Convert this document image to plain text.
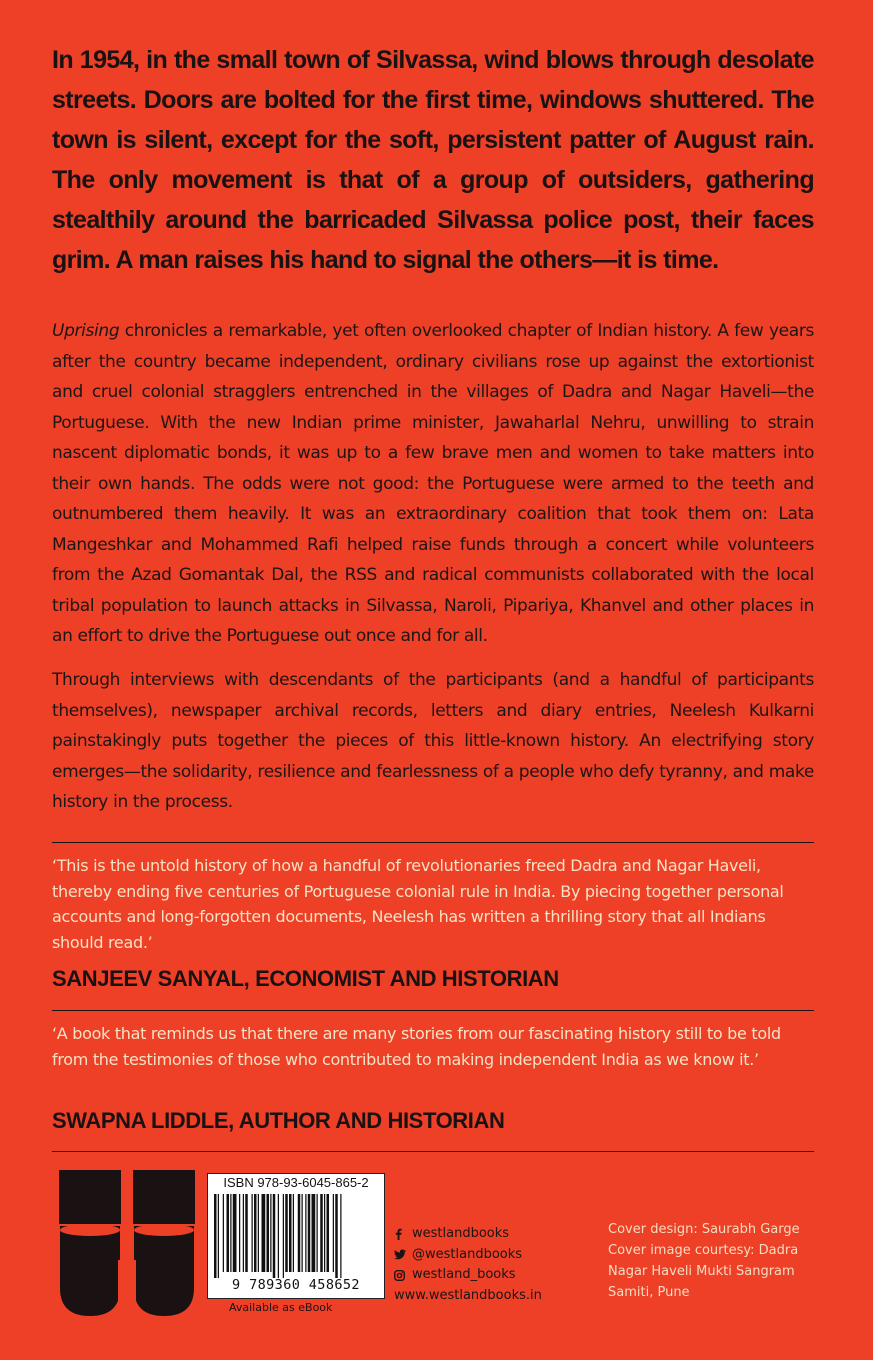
In 1954, in the small town of Silvassa, wind blows through desolate streets. Doors are bolted for the first time, windows shuttered. The town is silent, except for the soft, persistent patter of August rain. The only movement is that of a group of outsiders, gathering stealthily around the barricaded Silvassa police post, their faces grim. A man raises his hand to signal the others—it is time.

Uprising chronicles a remarkable, yet often overlooked chapter of Indian history. A few years after the country became independent, ordinary civilians rose up against the extortionist and cruel colonial stragglers entrenched in the villages of Dadra and Nagar Haveli—the Portuguese. With the new Indian prime minister, Jawaharlal Nehru, unwilling to strain nascent diplomatic bonds, it was up to a few brave men and women to take matters into their own hands. The odds were not good: the Portuguese were armed to the teeth and outnumbered them heavily. It was an extraordinary coalition that took them on: Lata Mangeshkar and Mohammed Rafi helped raise funds through a concert while volunteers from the Azad Gomantak Dal, the RSS and radical communists collaborated with the local tribal population to launch attacks in Silvassa, Naroli, Pipariya, Khanvel and other places in an effort to drive the Portuguese out once and for all.

Through interviews with descendants of the participants (and a handful of participants themselves), newspaper archival records, letters and diary entries, Neelesh Kulkarni painstakingly puts together the pieces of this little-known history. An electrifying story emerges—the solidarity, resilience and fearlessness of a people who defy tyranny, and make history in the process.

‘This is the untold history of how a handful of revolutionaries freed Dadra and Nagar Haveli, thereby ending five centuries of Portuguese colonial rule in India. By piecing together personal accounts and long-forgotten documents, Neelesh has written a thrilling story that all Indians should read.’

SANJEEV SANYAL, ECONOMIST AND HISTORIAN

‘A book that reminds us that there are many stories from our fascinating history still to be told from the testimonies of those who contributed to making independent India as we know it.’

SWAPNA LIDDLE, AUTHOR AND HISTORIAN

ISBN 978-93-6045-865-2
9 789360 458652
Available as eBook
westlandbooks
@westlandbooks
westland_books
www.westlandbooks.in
Cover design: Saurabh Garge
Cover image courtesy: Dadra Nagar Haveli Mukti Sangram Samiti, Pune
